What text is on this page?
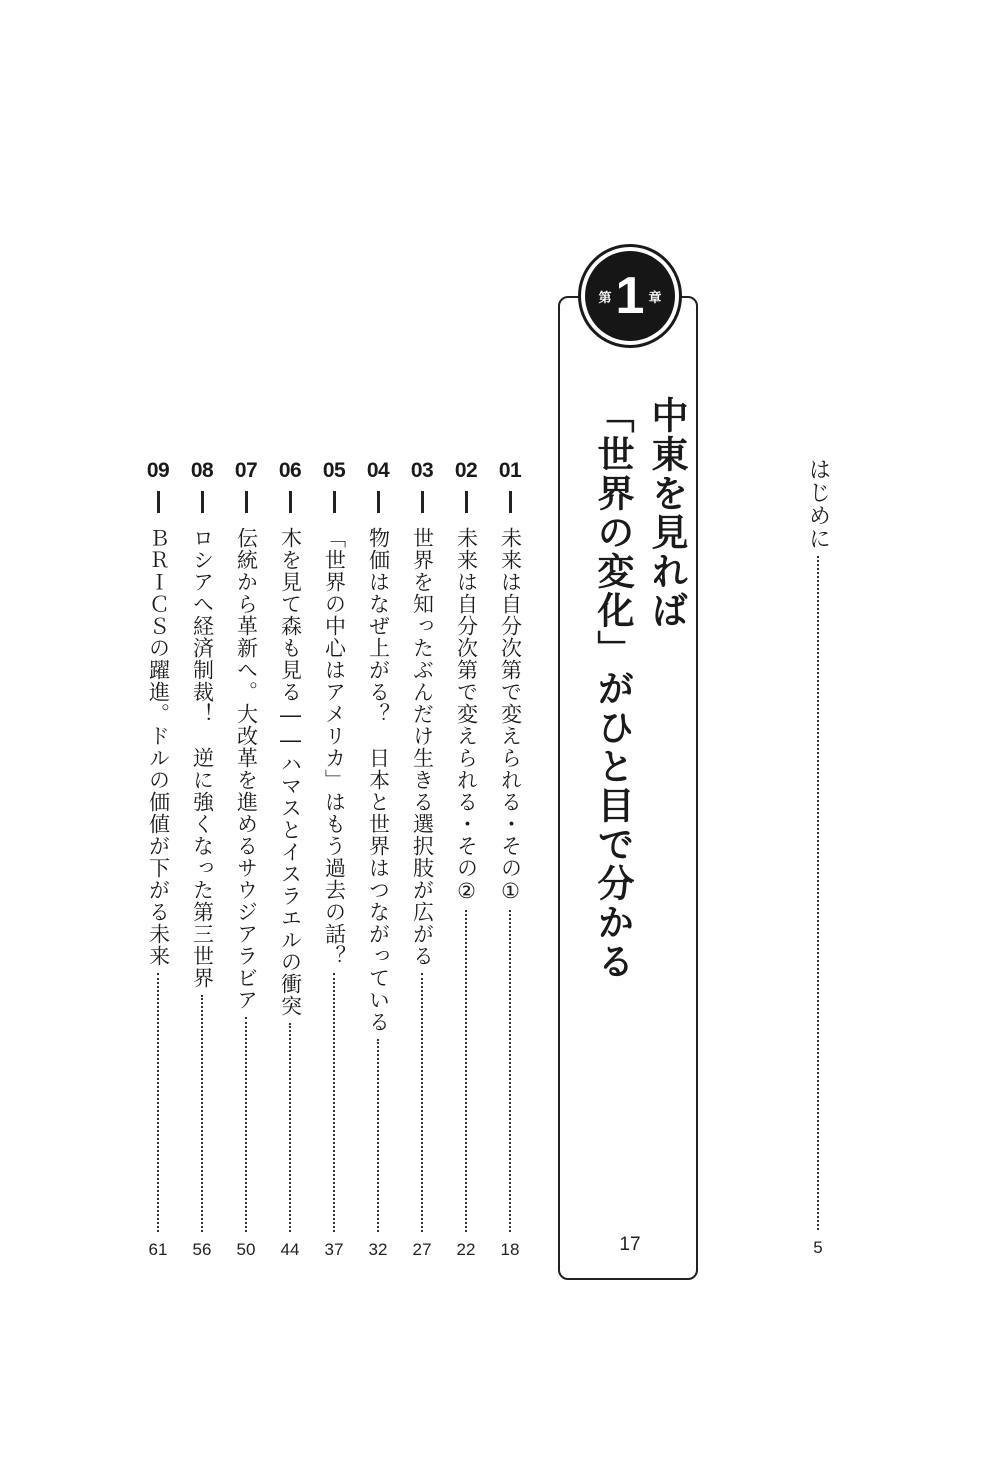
はじめに
5
第 1 章
中東を見れば
「世界の変化」がひと目で分かる
17
01
未来は自分次第で変えられる・その①
18
02
未来は自分次第で変えられる・その②
22
03
世界を知ったぶんだけ生きる選択肢が広がる
27
04
物価はなぜ上がる？　日本と世界はつながっている
32
05
「世界の中心はアメリカ」はもう過去の話？
37
06
木を見て森も見る――ハマスとイスラエルの衝突
44
07
伝統から革新へ。大改革を進めるサウジアラビア
50
08
ロシアへ経済制裁！　逆に強くなった第三世界
56
09
ＢＲＩＣＳの躍進。ドルの価値が下がる未来
61
